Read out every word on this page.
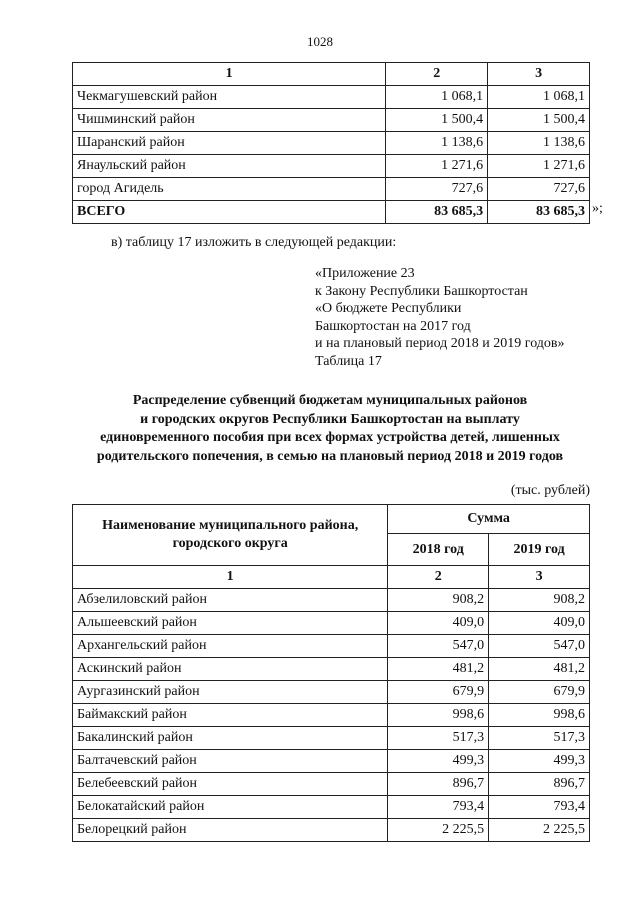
1028
1	2	3
Чекмагушевский район	1 068,1	1 068,1
Чишминский район	1 500,4	1 500,4
Шаранский район	1 138,6	1 138,6
Янаульский район	1 271,6	1 271,6
город Агидель	727,6	727,6
ВСЕГО	83 685,3	83 685,3 »;
в) таблицу 17 изложить в следующей редакции:
«Приложение 23
к Закону Республики Башкортостан
«О бюджете Республики
Башкортостан на 2017 год
и на плановый период 2018 и 2019 годов»
Таблица 17
Распределение субвенций бюджетам муниципальных районов
и городских округов Республики Башкортостан на выплату
единовременного пособия при всех формах устройства детей, лишенных
родительского попечения, в семью на плановый период 2018 и 2019 годов
(тыс. рублей)
Наименование муниципального района, городского округа	Сумма	
	2018 год	2019 год
1	2	3
Абзелиловский район	908,2	908,2
Альшеевский район	409,0	409,0
Архангельский район	547,0	547,0
Аскинский район	481,2	481,2
Аургазинский район	679,9	679,9
Баймакский район	998,6	998,6
Бакалинский район	517,3	517,3
Балтачевский район	499,3	499,3
Белебеевский район	896,7	896,7
Белокатайский район	793,4	793,4
Белорецкий район	2 225,5	2 225,5
